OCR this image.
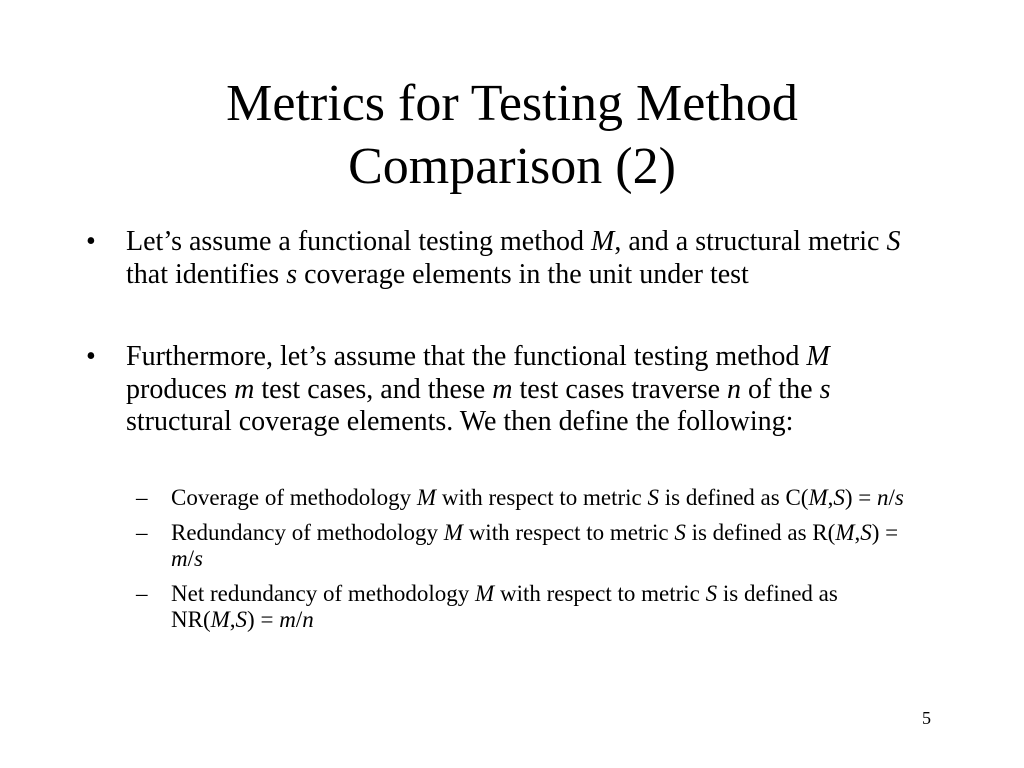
Metrics for Testing Method
Comparison (2)
• Let’s assume a functional testing method M, and a structural metric S that identifies s coverage elements in the unit under test
• Furthermore, let’s assume that the functional testing method M produces m test cases, and these m test cases traverse n of the s structural coverage elements. We then define the following:
– Coverage of methodology M with respect to metric S is defined as C(M,S) = n/s
– Redundancy of methodology M with respect to metric S is defined as R(M,S) = m/s
– Net redundancy of methodology M with respect to metric S is defined as NR(M,S) = m/n
5
